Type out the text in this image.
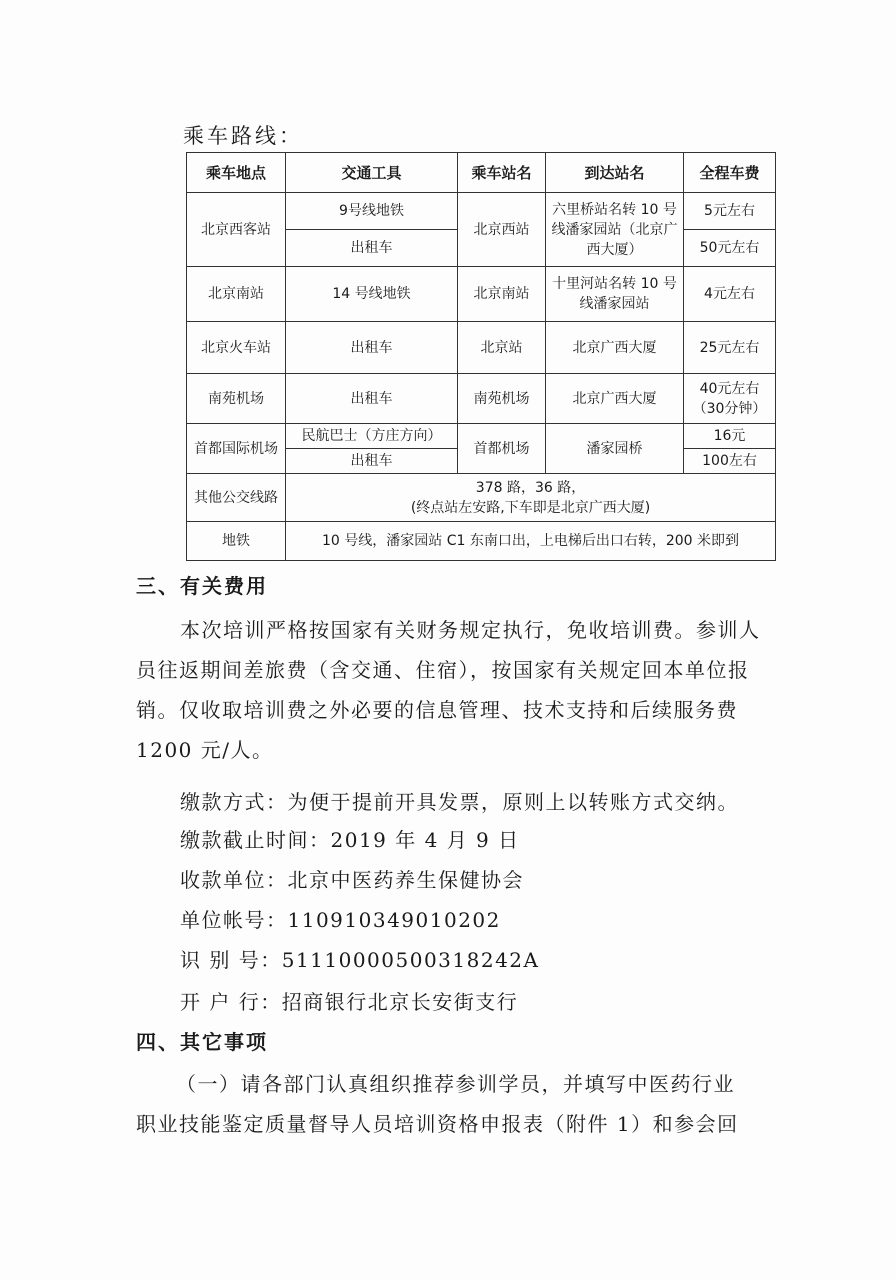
乘车路线：
乘车地点	交通工具	乘车站名	到达站名	全程车费
北京西客站	9号线地铁	北京西站	六里桥站名转 10 号线潘家园站（北京广西大厦）	5元左右
	出租车			50元左右
北京南站	14 号线地铁	北京南站	十里河站名转 10 号线潘家园站	4元左右
北京火车站	出租车	北京站	北京广西大厦	25元左右
南苑机场	出租车	南苑机场	北京广西大厦	40元左右（30分钟）
首都国际机场	民航巴士（方庄方向）	首都机场	潘家园桥	16元
	出租车			100左右
其他公交线路	378 路，36 路，
(终点站左安路,下车即是北京广西大厦)			

地铁	10 号线，潘家园站 C1 东南口出，上电梯后出口右转，200 米即到			
三、有关费用
本次培训严格按国家有关财务规定执行，免收培训费。参训人员往返期间差旅费（含交通、住宿），按国家有关规定回本单位报销。仅收取培训费之外必要的信息管理、技术支持和后续服务费 1200 元/人。
缴款方式：为便于提前开具发票，原则上以转账方式交纳。
缴款截止时间：2019 年 4 月 9 日
收款单位：北京中医药养生保健协会
单位帐号：110910349010202
识 别 号：51110000500318242A
开 户 行：招商银行北京长安街支行
四、其它事项
（一）请各部门认真组织推荐参训学员，并填写中医药行业
职业技能鉴定质量督导人员培训资格申报表（附件 1）和参会回
